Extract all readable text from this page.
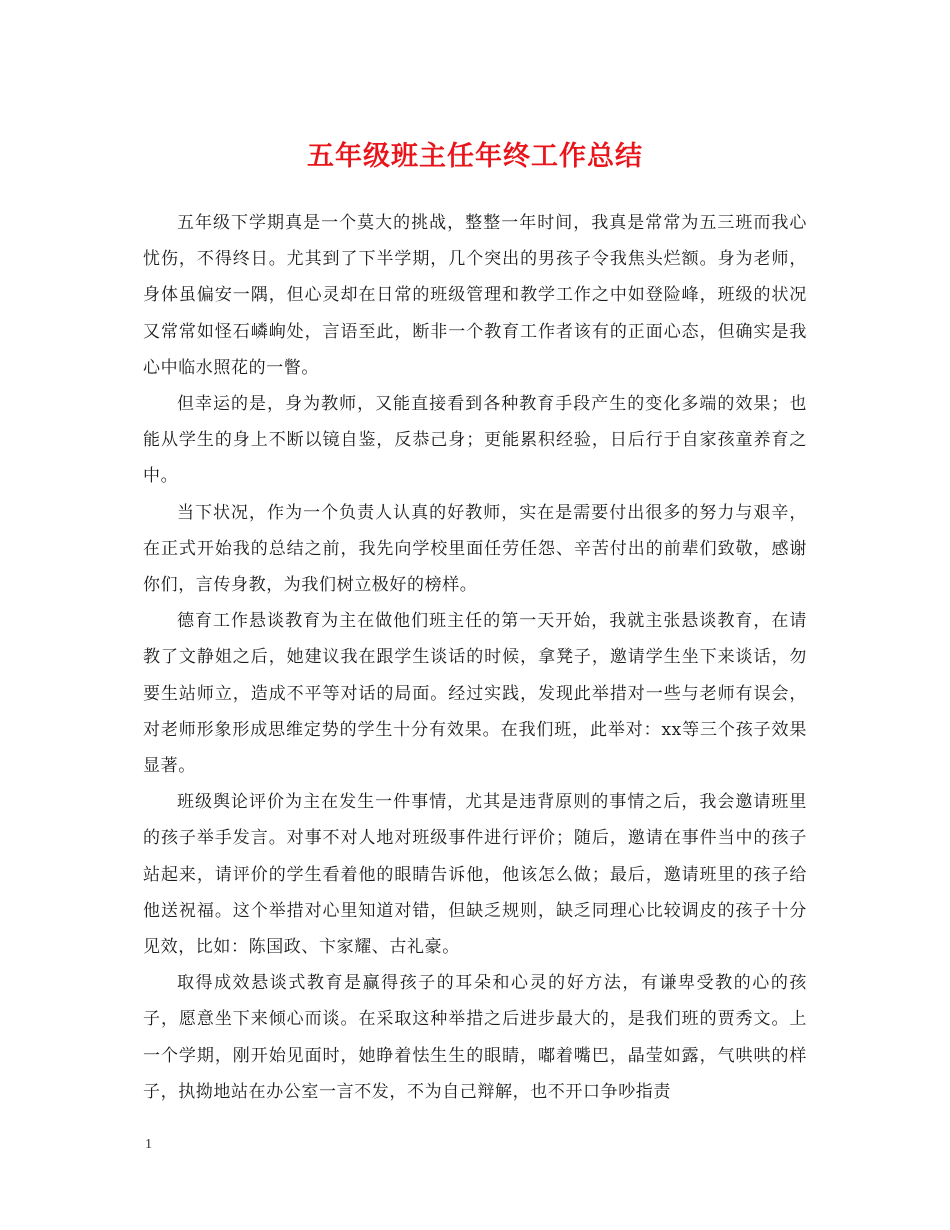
五年级班主任年终工作总结

五年级下学期真是一个莫大的挑战，整整一年时间，我真是常常为五三班而我心忧伤，不得终日。尤其到了下半学期，几个突出的男孩子令我焦头烂额。身为老师，身体虽偏安一隅，但心灵却在日常的班级管理和教学工作之中如登险峰，班级的状况又常常如怪石嶙峋处，言语至此，断非一个教育工作者该有的正面心态，但确实是我心中临水照花的一瞥。

但幸运的是，身为教师，又能直接看到各种教育手段产生的变化多端的效果；也能从学生的身上不断以镜自鉴，反恭己身；更能累积经验，日后行于自家孩童养育之中。

当下状况，作为一个负责人认真的好教师，实在是需要付出很多的努力与艰辛，在正式开始我的总结之前，我先向学校里面任劳任怨、辛苦付出的前辈们致敬，感谢你们，言传身教，为我们树立极好的榜样。

德育工作悬谈教育为主在做他们班主任的第一天开始，我就主张悬谈教育，在请教了文静姐之后，她建议我在跟学生谈话的时候，拿凳子，邀请学生坐下来谈话，勿要生站师立，造成不平等对话的局面。经过实践，发现此举措对一些与老师有误会，对老师形象形成思维定势的学生十分有效果。在我们班，此举对：xx等三个孩子效果显著。

班级舆论评价为主在发生一件事情，尤其是违背原则的事情之后，我会邀请班里的孩子举手发言。对事不对人地对班级事件进行评价；随后，邀请在事件当中的孩子站起来，请评价的学生看着他的眼睛告诉他，他该怎么做；最后，邀请班里的孩子给他送祝福。这个举措对心里知道对错，但缺乏规则，缺乏同理心比较调皮的孩子十分见效，比如：陈国政、卞家耀、古礼豪。

取得成效悬谈式教育是赢得孩子的耳朵和心灵的好方法，有谦卑受教的心的孩子，愿意坐下来倾心而谈。在采取这种举措之后进步最大的，是我们班的贾秀文。上一个学期，刚开始见面时，她睁着怯生生的眼睛，嘟着嘴巴，晶莹如露，气哄哄的样子，执拗地站在办公室一言不发，不为自己辩解，也不开口争吵指责

1
